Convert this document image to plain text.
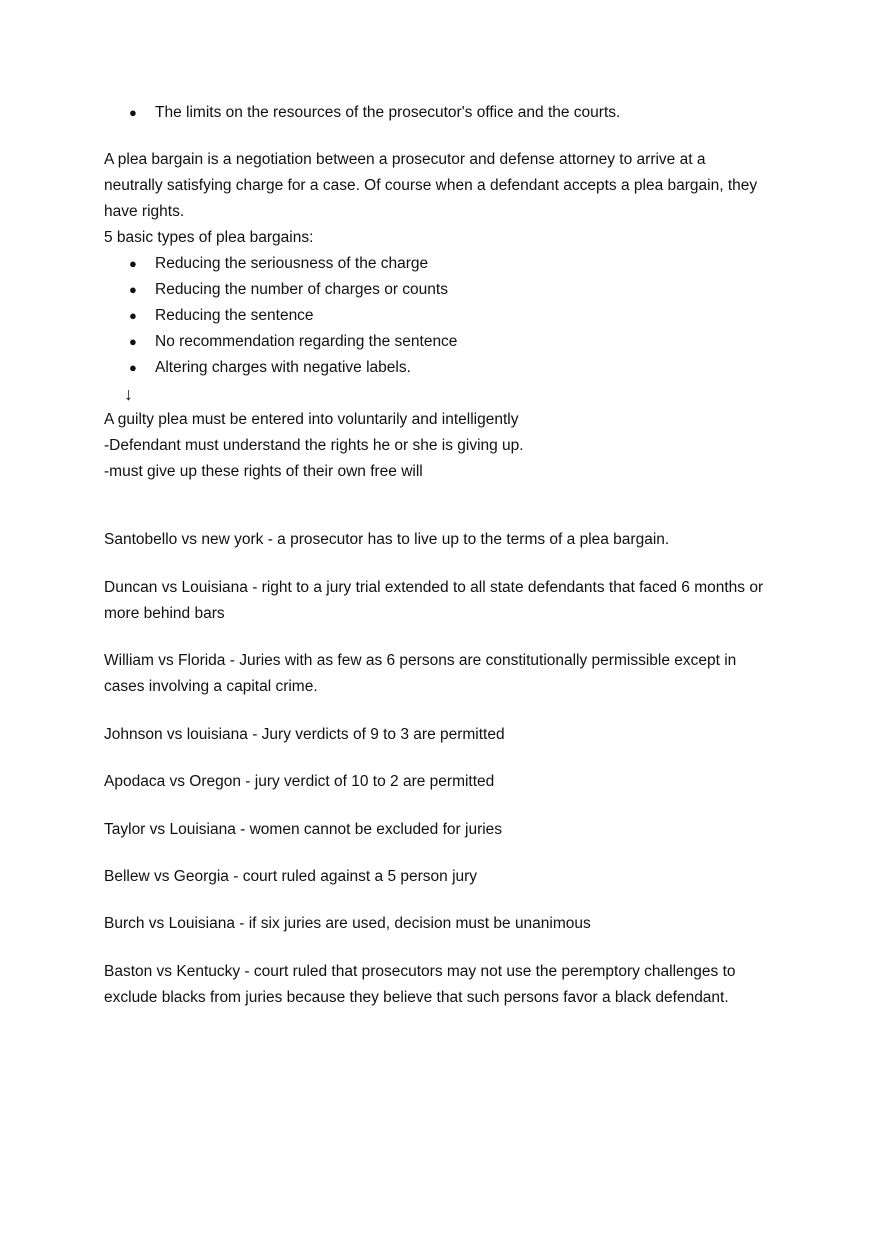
● The limits on the resources of the prosecutor's office and the courts.
A plea bargain is a negotiation between a prosecutor and defense attorney to arrive at a
neutrally satisfying charge for a case. Of course when a defendant accepts a plea bargain, they
have rights.
5 basic types of plea bargains:
● Reducing the seriousness of the charge
● Reducing the number of charges or counts
● Reducing the sentence
● No recommendation regarding the sentence
● Altering charges with negative labels.
↓
A guilty plea must be entered into voluntarily and intelligently
-Defendant must understand the rights he or she is giving up.
-must give up these rights of their own free will
Santobello vs new york - a prosecutor has to live up to the terms of a plea bargain.
Duncan vs Louisiana - right to a jury trial extended to all state defendants that faced 6 months or
more behind bars
William vs Florida - Juries with as few as 6 persons are constitutionally permissible except in
cases involving a capital crime.
Johnson vs louisiana - Jury verdicts of 9 to 3 are permitted
Apodaca vs Oregon - jury verdict of 10 to 2 are permitted
Taylor vs Louisiana - women cannot be excluded for juries
Bellew vs Georgia - court ruled against a 5 person jury
Burch vs Louisiana - if six juries are used, decision must be unanimous
Baston vs Kentucky - court ruled that prosecutors may not use the peremptory challenges to
exclude blacks from juries because they believe that such persons favor a black defendant.
